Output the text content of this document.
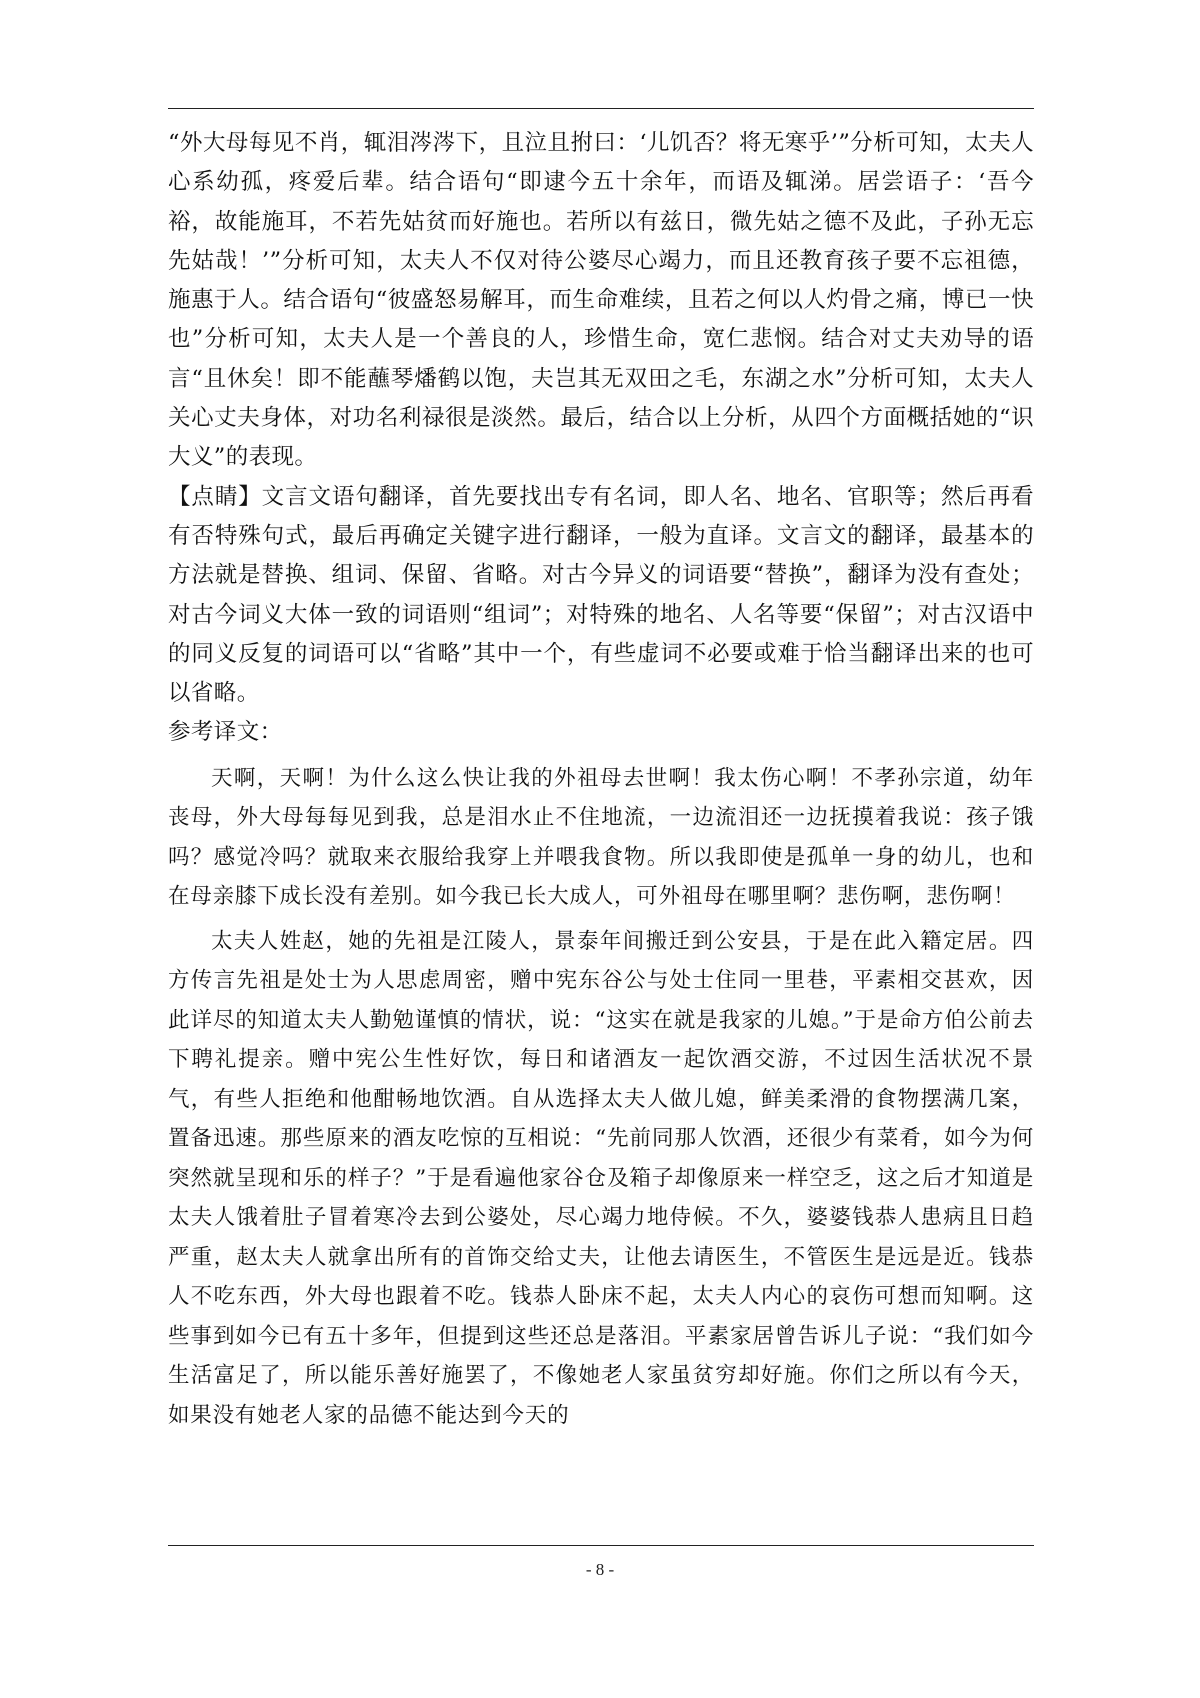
“外大母每见不肖，辄泪涔涔下，且泣且拊曰：‘儿饥否？将无寒乎’”分析可知，太夫人心系幼孤，疼爱后辈。结合语句“即逮今五十余年，而语及辄涕。居尝语子：‘吾今裕，故能施耳，不若先姑贫而好施也。若所以有兹日，微先姑之德不及此，子孙无忘先姑哉！’”分析可知，太夫人不仅对待公婆尽心竭力，而且还教育孩子要不忘祖德，施惠于人。结合语句“彼盛怒易解耳，而生命难续，且若之何以人灼骨之痛，博已一快也”分析可知，太夫人是一个善良的人，珍惜生命，宽仁悲悯。结合对丈夫劝导的语言“且休矣！即不能蘸琴燔鹤以饱，夫岂其无双田之毛，东湖之水”分析可知，太夫人关心丈夫身体，对功名利禄很是淡然。最后，结合以上分析，从四个方面概括她的“识大义”的表现。

【点睛】文言文语句翻译，首先要找出专有名词，即人名、地名、官职等；然后再看有否特殊句式，最后再确定关键字进行翻译，一般为直译。文言文的翻译，最基本的方法就是替换、组词、保留、省略。对古今异义的词语要“替换”，翻译为没有查处；对古今词义大体一致的词语则“组词”；对特殊的地名、人名等要“保留”；对古汉语中的同义反复的词语可以“省略”其中一个，有些虚词不必要或难于恰当翻译出来的也可以省略。

参考译文：

天啊，天啊！为什么这么快让我的外祖母去世啊！我太伤心啊！不孝孙宗道，幼年丧母，外大母每每见到我，总是泪水止不住地流，一边流泪还一边抚摸着我说：孩子饿吗？感觉冷吗？就取来衣服给我穿上并喂我食物。所以我即使是孤单一身的幼儿，也和在母亲膝下成长没有差别。如今我已长大成人，可外祖母在哪里啊？悲伤啊，悲伤啊！

太夫人姓赵，她的先祖是江陵人，景泰年间搬迁到公安县，于是在此入籍定居。四方传言先祖是处士为人思虑周密，赠中宪东谷公与处士住同一里巷，平素相交甚欢，因此详尽的知道太夫人勤勉谨慎的情状，说：“这实在就是我家的儿媳。”于是命方伯公前去下聘礼提亲。赠中宪公生性好饮，每日和诸酒友一起饮酒交游，不过因生活状况不景气，有些人拒绝和他酣畅地饮酒。自从选择太夫人做儿媳，鲜美柔滑的食物摆满几案，置备迅速。那些原来的酒友吃惊的互相说：“先前同那人饮酒，还很少有菜肴，如今为何突然就呈现和乐的样子？”于是看遍他家谷仓及箱子却像原来一样空乏，这之后才知道是太夫人饿着肚子冒着寒冷去到公婆处，尽心竭力地侍候。不久，婆婆钱恭人患病且日趋严重，赵太夫人就拿出所有的首饰交给丈夫，让他去请医生，不管医生是远是近。钱恭人不吃东西，外大母也跟着不吃。钱恭人卧床不起，太夫人内心的哀伤可想而知啊。这些事到如今已有五十多年，但提到这些还总是落泪。平素家居曾告诉儿子说：“我们如今生活富足了，所以能乐善好施罢了，不像她老人家虽贫穷却好施。你们之所以有今天，如果没有她老人家的品德不能达到今天的

- 8 -
